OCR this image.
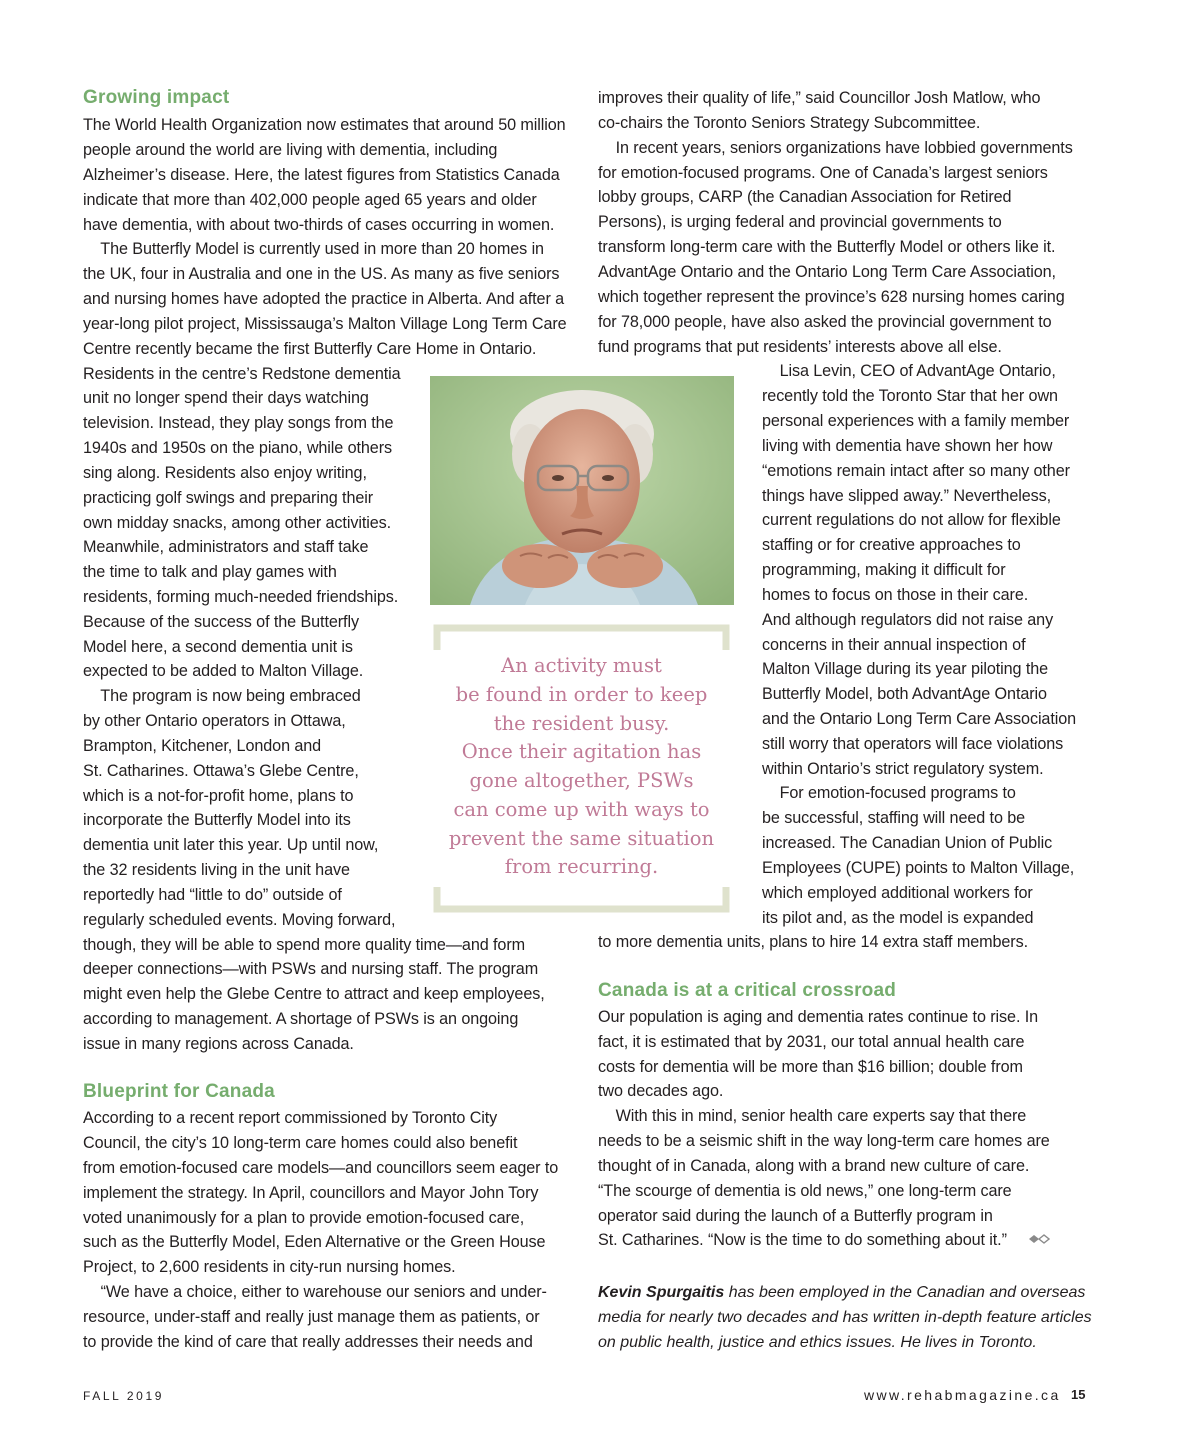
Growing impact
Blueprint for Canada
Canada is at a critical crossroad
The World Health Organization now estimates that around 50 million
people around the world are living with dementia, including
Alzheimer’s disease. Here, the latest figures from Statistics Canada
indicate that more than 402,000 people aged 65 years and older
have dementia, with about two-thirds of cases occurring in women.
The Butterfly Model is currently used in more than 20 homes in
the UK, four in Australia and one in the US. As many as five seniors
and nursing homes have adopted the practice in Alberta. And after a
year-long pilot project, Mississauga’s Malton Village Long Term Care
Centre recently became the first Butterfly Care Home in Ontario.
Residents in the centre’s Redstone dementia
unit no longer spend their days watching
television. Instead, they play songs from the
1940s and 1950s on the piano, while others
sing along. Residents also enjoy writing,
practicing golf swings and preparing their
own midday snacks, among other activities.
Meanwhile, administrators and staff take
the time to talk and play games with
residents, forming much-needed friendships.
Because of the success of the Butterfly
Model here, a second dementia unit is
expected to be added to Malton Village.
The program is now being embraced
by other Ontario operators in Ottawa,
Brampton, Kitchener, London and
St. Catharines. Ottawa’s Glebe Centre,
which is a not-for-profit home, plans to
incorporate the Butterfly Model into its
dementia unit later this year. Up until now,
the 32 residents living in the unit have
reportedly had “little to do” outside of
regularly scheduled events. Moving forward,
though, they will be able to spend more quality time—and form
deeper connections—with PSWs and nursing staff. The program
might even help the Glebe Centre to attract and keep employees,
according to management. A shortage of PSWs is an ongoing
issue in many regions across Canada.
According to a recent report commissioned by Toronto City
Council, the city’s 10 long-term care homes could also benefit
from emotion-focused care models—and councillors seem eager to
implement the strategy. In April, councillors and Mayor John Tory
voted unanimously for a plan to provide emotion-focused care,
such as the Butterfly Model, Eden Alternative or the Green House
Project, to 2,600 residents in city-run nursing homes.
“We have a choice, either to warehouse our seniors and under-
resource, under-staff and really just manage them as patients, or
to provide the kind of care that really addresses their needs and
improves their quality of life,” said Councillor Josh Matlow, who
co-chairs the Toronto Seniors Strategy Subcommittee.
In recent years, seniors organizations have lobbied governments
for emotion-focused programs. One of Canada’s largest seniors
lobby groups, CARP (the Canadian Association for Retired
Persons), is urging federal and provincial governments to
transform long-term care with the Butterfly Model or others like it.
AdvantAge Ontario and the Ontario Long Term Care Association,
which together represent the province’s 628 nursing homes caring
for 78,000 people, have also asked the provincial government to
fund programs that put residents’ interests above all else.
Lisa Levin, CEO of AdvantAge Ontario,
recently told the Toronto Star that her own
personal experiences with a family member
living with dementia have shown her how
“emotions remain intact after so many other
things have slipped away.” Nevertheless,
current regulations do not allow for flexible
staffing or for creative approaches to
programming, making it difficult for
homes to focus on those in their care.
And although regulators did not raise any
concerns in their annual inspection of
Malton Village during its year piloting the
Butterfly Model, both AdvantAge Ontario
and the Ontario Long Term Care Association
still worry that operators will face violations
within Ontario’s strict regulatory system.
For emotion-focused programs to
be successful, staffing will need to be
increased. The Canadian Union of Public
Employees (CUPE) points to Malton Village,
which employed additional workers for
its pilot and, as the model is expanded
to more dementia units, plans to hire 14 extra staff members.
Our population is aging and dementia rates continue to rise. In
fact, it is estimated that by 2031, our total annual health care
costs for dementia will be more than $16 billion; double from
two decades ago.
With this in mind, senior health care experts say that there
needs to be a seismic shift in the way long-term care homes are
thought of in Canada, along with a brand new culture of care.
“The scourge of dementia is old news,” one long-term care
operator said during the launch of a Butterfly program in
St. Catharines. “Now is the time to do something about it.”
An activity must
be found in order to keep
the resident busy.
Once their agitation has
gone altogether, PSWs
can come up with ways to
prevent the same situation
from recurring.
Kevin Spurgaitis has been employed in the Canadian and overseas
media for nearly two decades and has written in-depth feature articles
on public health, justice and ethics issues. He lives in Toronto.
FALL 2019	www.rehabmagazine.ca 15
